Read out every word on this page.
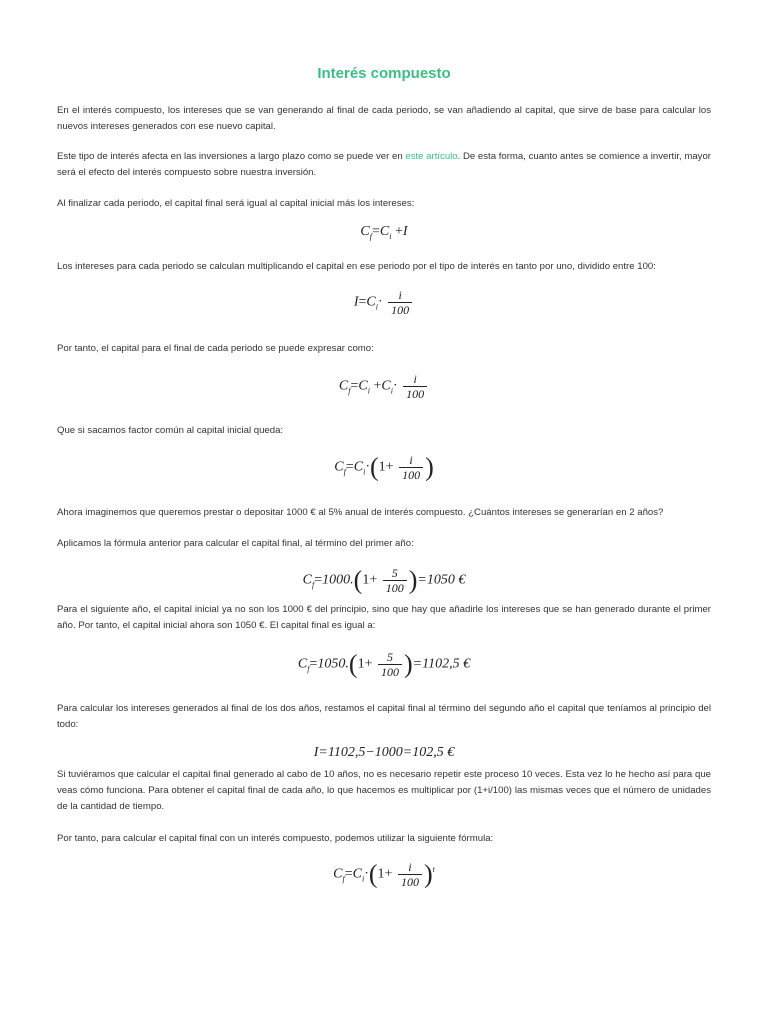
Interés compuesto

En el interés compuesto, los intereses que se van generando al final de cada periodo, se van añadiendo al capital, que sirve de base para calcular los nuevos intereses generados con ese nuevo capital.

Este tipo de interés afecta en las inversiones a largo plazo como se puede ver en este artículo. De esta forma, cuanto antes se comience a invertir, mayor será el efecto del interés compuesto sobre nuestra inversión.

Al finalizar cada periodo, el capital final será igual al capital inicial más los intereses:

$C_f=C_i +I$

Los intereses para cada periodo se calculan multiplicando el capital en ese periodo por el tipo de interés en tanto por uno, dividido entre 100:

$I=C_i\cdot \frac{i}{100}$

Por tanto, el capital para el final de cada periodo se puede expresar como:

$C_f=C_i +C_i\cdot \frac{i}{100}$

Que si sacamos factor común al capital inicial queda:

$C_f=C_i\cdot(1+ \frac{i}{100}$ )

Ahora imaginemos que queremos prestar o depositar 1000 € al 5% anual de interés compuesto. ¿Cuántos intereses se generarían en 2 años?

Aplicamos la fórmula anterior para calcular el capital final, al término del primer año:

$C_f=1000.(1+ \frac{5}{100} )=1050$ €

Para el siguiente año, el capital inicial ya no son los 1000 € del principio, sino que hay que añadirle los intereses que se han generado durante el primer año. Por tanto, el capital inicial ahora son 1050 €. El capital final es igual a:

$C_f=1050.(1+ \frac{5}{100} )=1102,5$ €

Para calcular los intereses generados al final de los dos años, restamos el capital final al término del segundo año el capital que teníamos al principio del todo:

I=1102,5−1000=102,5 €

Si tuviéramos que calcular el capital final generado al cabo de 10 años, no es necesario repetir este proceso 10 veces. Esta vez lo he hecho así para que veas cómo funciona. Para obtener el capital final de cada año, lo que hacemos es multiplicar por (1+i/100) las mismas veces que el número de unidades de la cantidad de tiempo.

Por tanto, para calcular el capital final con un interés compuesto, podemos utilizar la siguiente fórmula:

$C_f=C_i\cdot(1+ \frac{i}{100} )^t$
